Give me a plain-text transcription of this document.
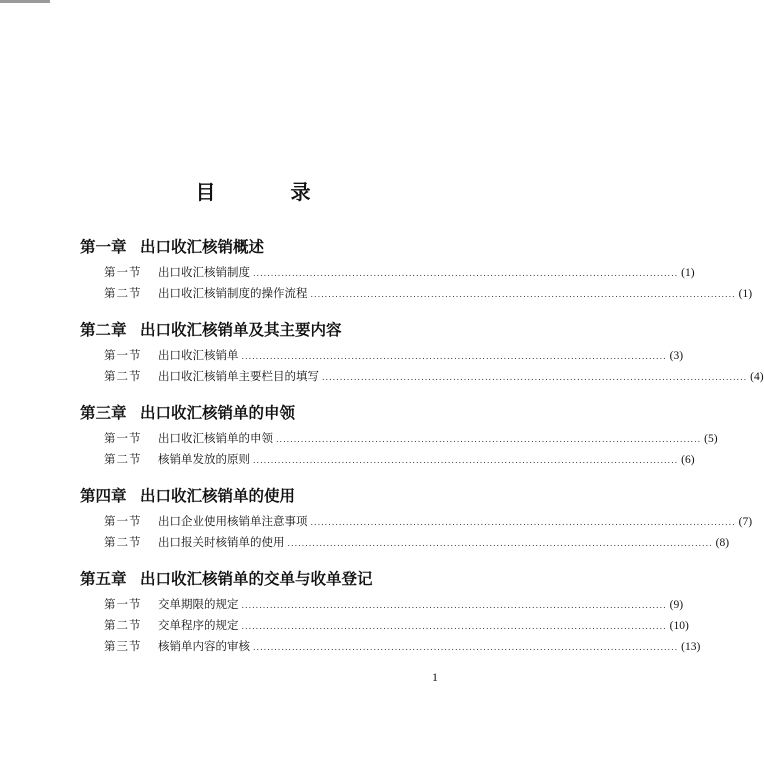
目 录
第一章 出口收汇核销概述
第一节	出口收汇核销制度 ........................................................................................................................ (1)
第二节	出口收汇核销制度的操作流程 ........................................................................................................................ (1)
第二章 出口收汇核销单及其主要内容
第一节	出口收汇核销单 ........................................................................................................................ (3)
第二节	出口收汇核销单主要栏目的填写 ........................................................................................................................ (4)
第三章 出口收汇核销单的申领
第一节	出口收汇核销单的申领 ........................................................................................................................ (5)
第二节	核销单发放的原则 ........................................................................................................................ (6)
第四章 出口收汇核销单的使用
第一节	出口企业使用核销单注意事项 ........................................................................................................................ (7)
第二节	出口报关时核销单的使用 ........................................................................................................................ (8)
第五章 出口收汇核销单的交单与收单登记
第一节	交单期限的规定 ........................................................................................................................ (9)
第二节	交单程序的规定 ........................................................................................................................ (10)
第三节	核销单内容的审核 ........................................................................................................................ (13)
1
